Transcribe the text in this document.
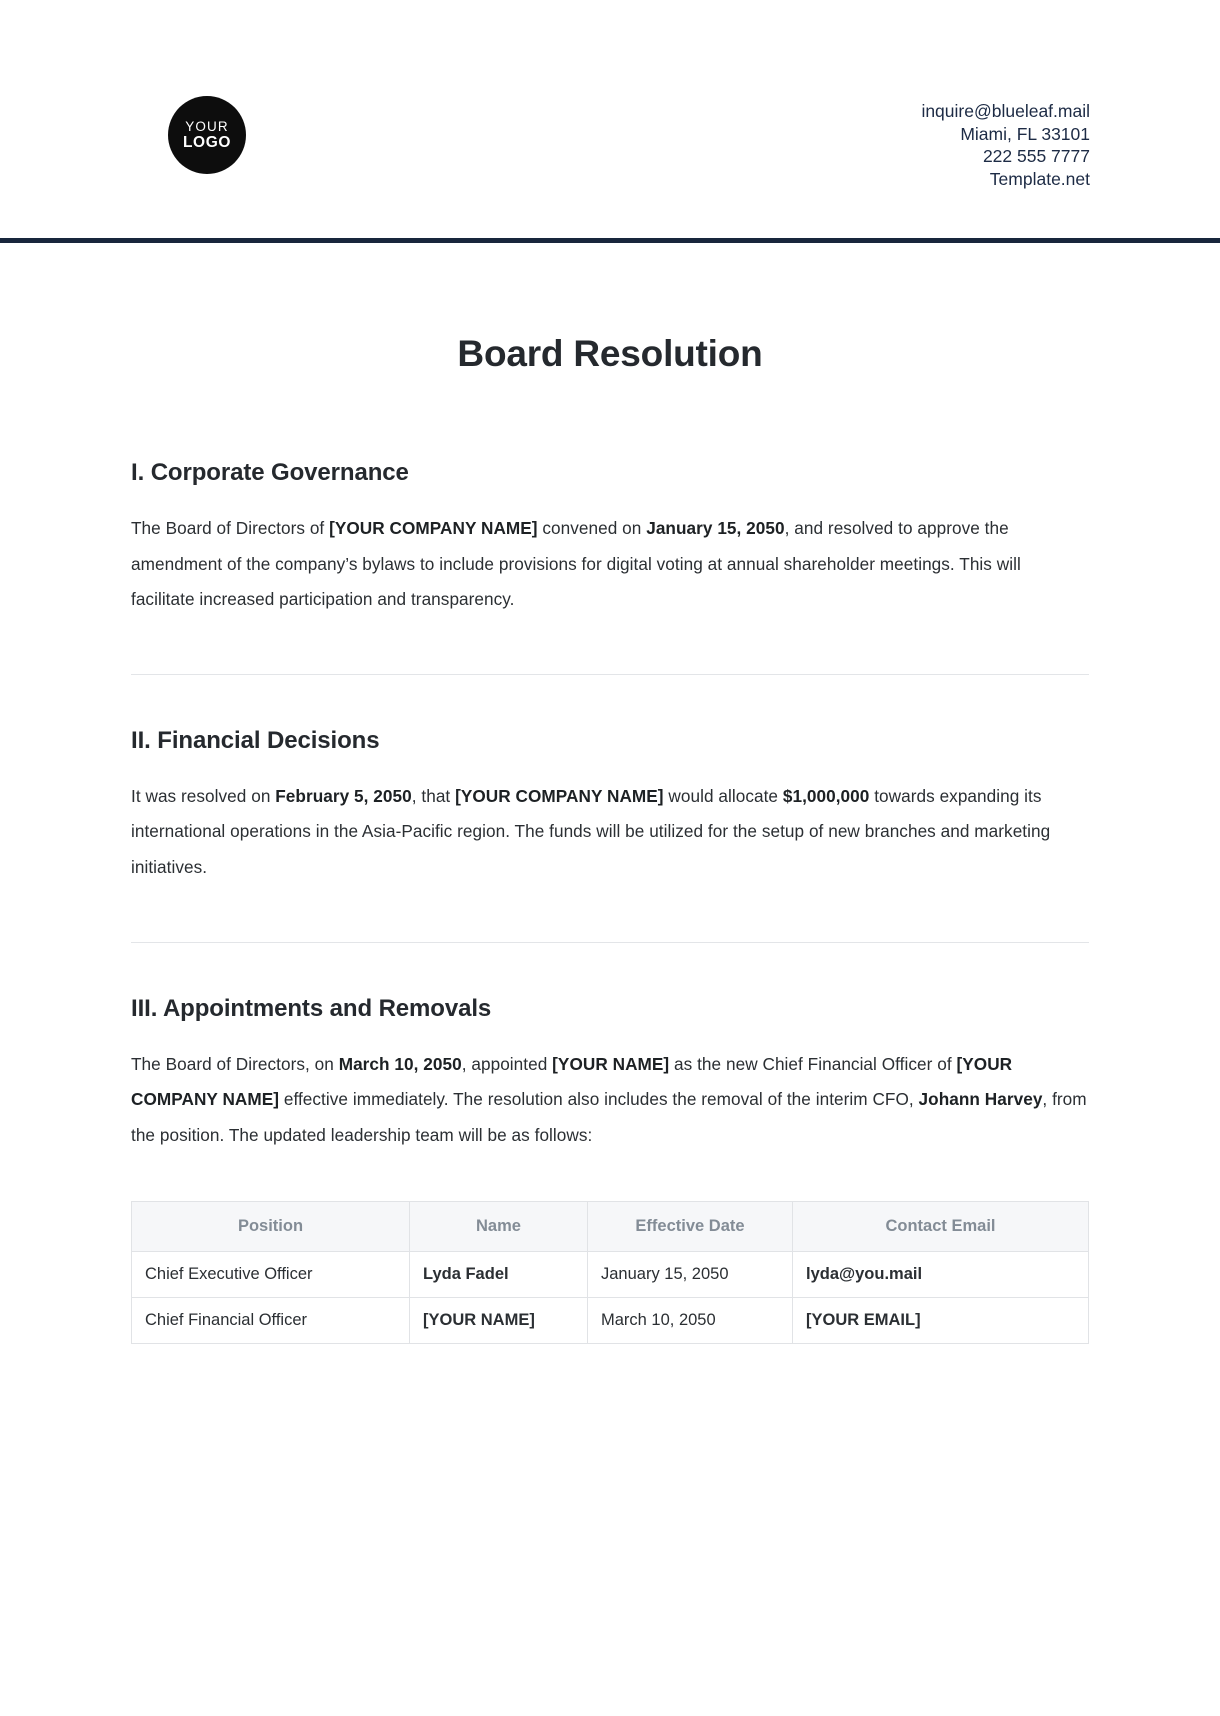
YOUR
LOGO
inquire@blueleaf.mail
Miami, FL 33101
222 555 7777
Template.net
Board Resolution
I. Corporate Governance

The Board of Directors of [YOUR COMPANY NAME] convened on January 15, 2050, and resolved to approve the amendment of the company’s bylaws to include provisions for digital voting at annual shareholder meetings. This will facilitate increased participation and transparency.

II. Financial Decisions

It was resolved on February 5, 2050, that [YOUR COMPANY NAME] would allocate $1,000,000 towards expanding its international operations in the Asia-Pacific region. The funds will be utilized for the setup of new branches and marketing initiatives.

III. Appointments and Removals

The Board of Directors, on March 10, 2050, appointed [YOUR NAME] as the new Chief Financial Officer of [YOUR COMPANY NAME] effective immediately. The resolution also includes the removal of the interim CFO, Johann Harvey, from the position. The updated leadership team will be as follows:

Position	Name	Effective Date	Contact Email
Chief Executive Officer	Lyda Fadel	January 15, 2050	lyda@you.mail
Chief Financial Officer	[YOUR NAME]	March 10, 2050	[YOUR EMAIL]
